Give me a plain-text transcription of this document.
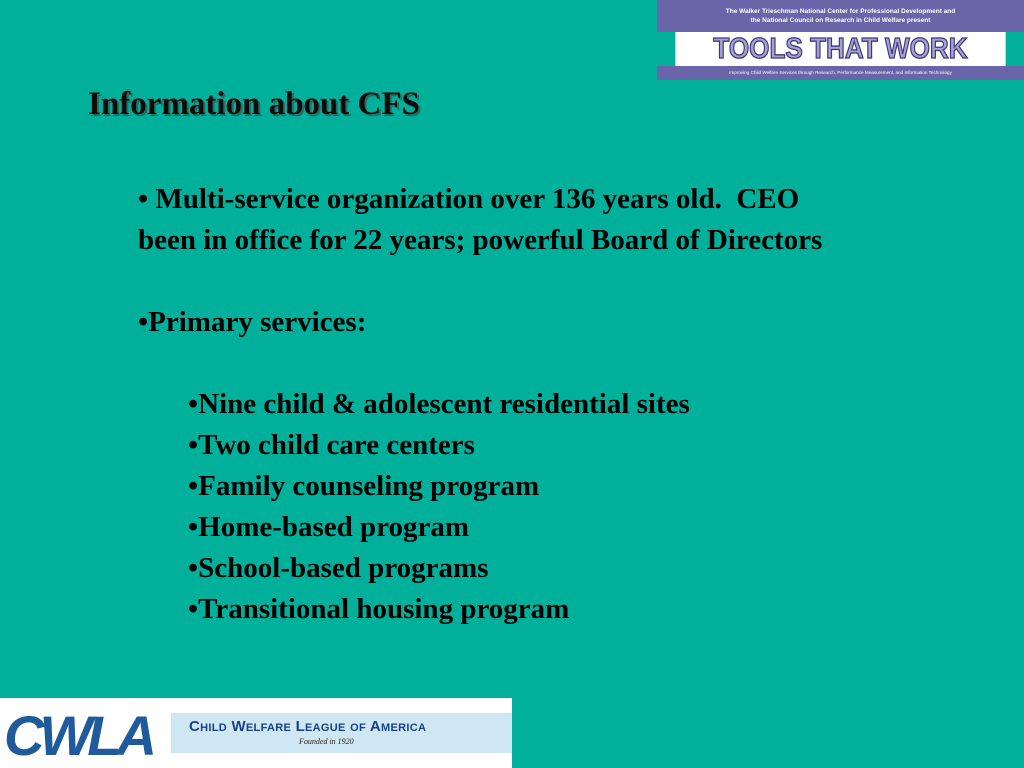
The Walker Trieschman National Center for Professional Development and
the National Council on Research in Child Welfare present
TOOLS THAT WORK
Improving Child Welfare Services through Research, Performance Measurement, and Information Technology
Information about CFS
• Multi-service organization over 136 years old.  CEO
been in office for 22 years; powerful Board of Directors
•Primary services:
•Nine child & adolescent residential sites
•Two child care centers
•Family counseling program
•Home-based program
•School-based programs
•Transitional housing program
CWLA Child Welfare League of America
Founded in 1920
